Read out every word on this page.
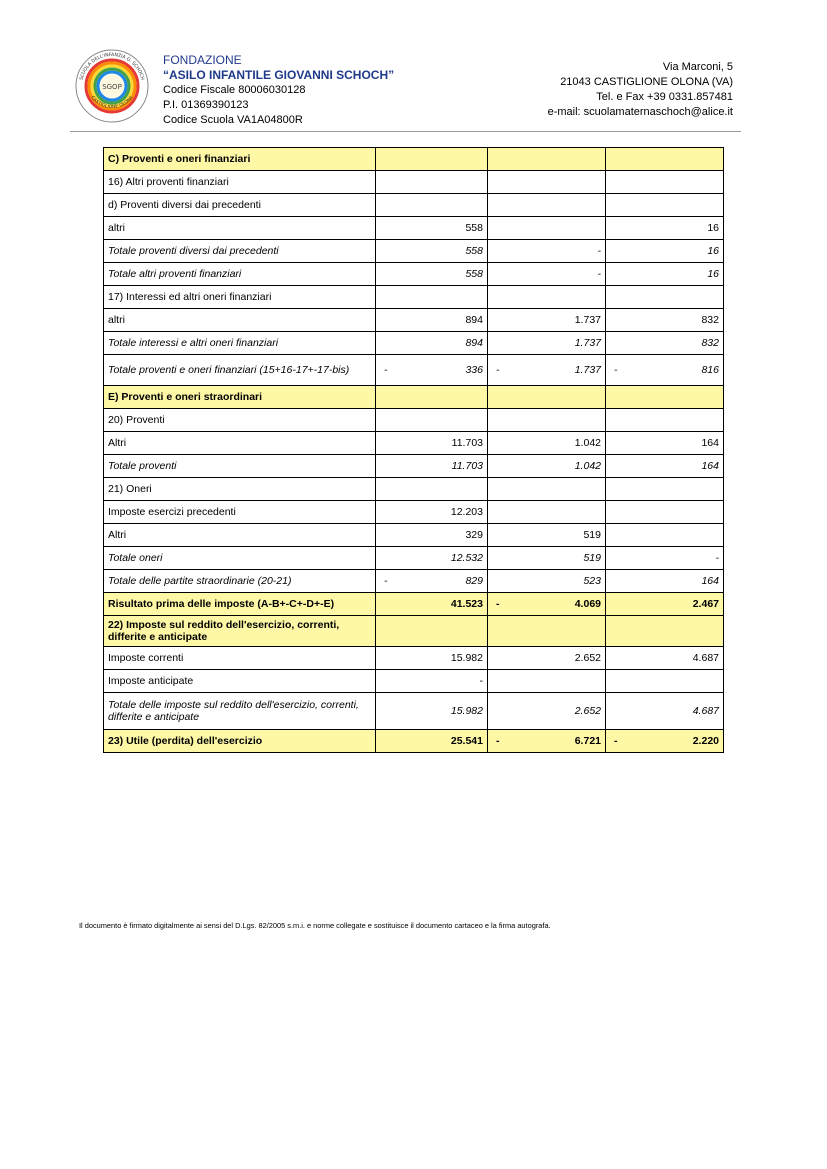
SGOP
SCUOLA DELL'INFANZIA G. SCHOCH
CASTIGLIONE OLONA
FONDAZIONE
“ASILO INFANTILE GIOVANNI SCHOCH”
Codice Fiscale 80006030128
P.I. 01369390123
Codice Scuola VA1A04800R
Via Marconi, 5
21043 CASTIGLIONE OLONA (VA)
Tel. e Fax +39 0331.857481
e-mail: scuolamaternaschoch@alice.it
C) Proventi e oneri finanziari			
16) Altri proventi finanziari			
d) Proventi diversi dai precedenti			
altri	558		16
Totale proventi diversi dai precedenti	558	-	16
Totale altri proventi finanziari	558	-	16
17) Interessi ed altri oneri finanziari			
altri	894	1.737	832
Totale interessi e altri oneri finanziari	894	1.737	832
Totale proventi e oneri finanziari (15+16-17+-17-bis)	- 336	- 1.737	- 816
E) Proventi e oneri straordinari			
20) Proventi			
Altri	11.703	1.042	164
Totale proventi	11.703	1.042	164
21) Oneri			
Imposte esercizi precedenti	12.203		
Altri	329	519	
Totale oneri	12.532	519	-
Totale delle partite straordinarie (20-21)	- 829	523	164
Risultato prima delle imposte (A-B+-C+-D+-E)	41.523	- 4.069	2.467
22) Imposte sul reddito dell'esercizio, correnti, differite e anticipate			
Imposte correnti	15.982	2.652	4.687
Imposte anticipate	-		
Totale delle imposte sul reddito dell'esercizio, correnti, differite e anticipate	15.982	2.652	4.687
23) Utile (perdita) dell'esercizio	25.541	- 6.721	- 2.220
Il documento è firmato digitalmente ai sensi del D.Lgs. 82/2005 s.m.i. e norme collegate e sostituisce il documento cartaceo e la firma autografa.
